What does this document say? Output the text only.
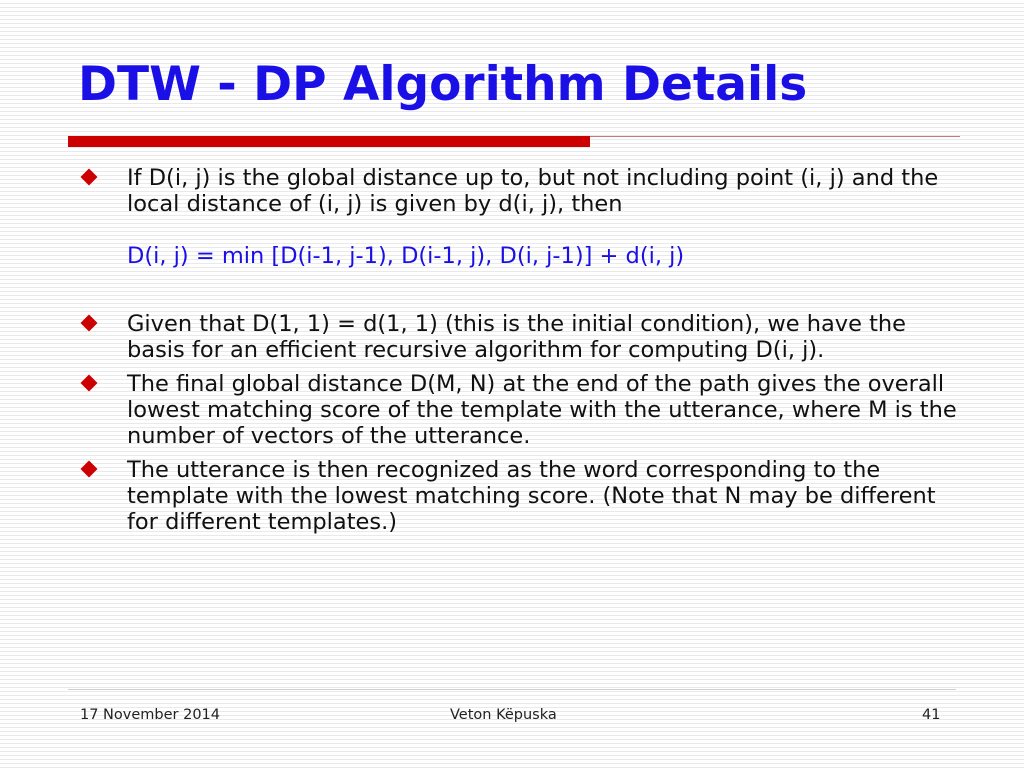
DTW - DP Algorithm Details
If D(i, j) is the global distance up to, but not including point (i, j) and the local distance of (i, j) is given by d(i, j), then
D(i, j) = min [D(i-1, j-1), D(i-1, j), D(i, j-1)] + d(i, j)
Given that D(1, 1) = d(1, 1) (this is the initial condition), we have the basis for an efficient recursive algorithm for computing D(i, j).
The final global distance D(M, N) at the end of the path gives the overall lowest matching score of the template with the utterance, where M is the number of vectors of the utterance.
The utterance is then recognized as the word corresponding to the template with the lowest matching score. (Note that N may be different for different templates.)
17 November 2014	Veton Këpuska	41
